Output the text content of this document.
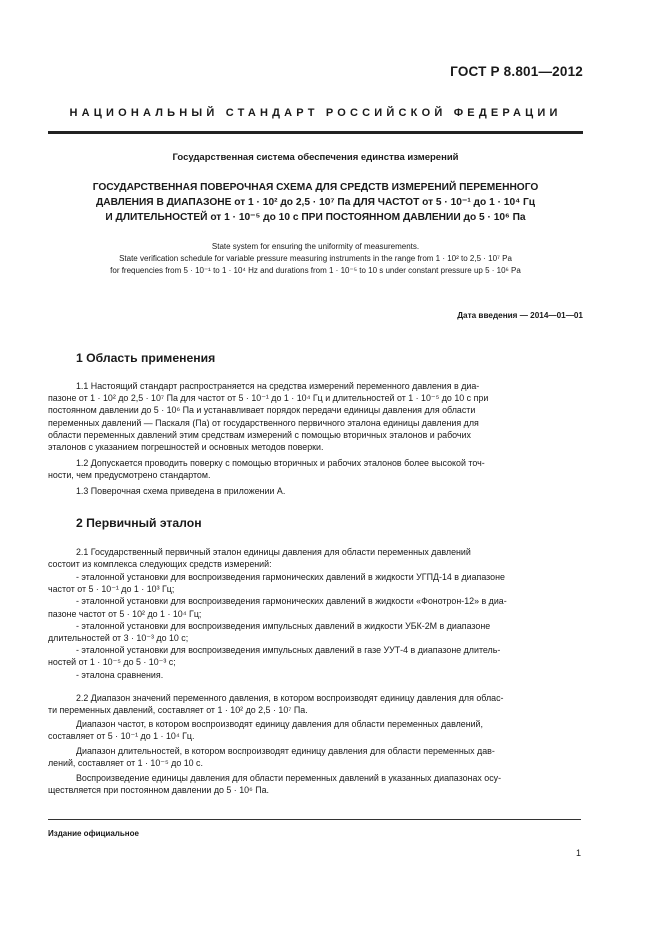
ГОСТ Р 8.801—2012
НАЦИОНАЛЬНЫЙ СТАНДАРТ РОССИЙСКОЙ ФЕДЕРАЦИИ
Государственная система обеспечения единства измерений
ГОСУДАРСТВЕННАЯ ПОВЕРОЧНАЯ СХЕМА ДЛЯ СРЕДСТВ ИЗМЕРЕНИЙ ПЕРЕМЕННОГО
ДАВЛЕНИЯ В ДИАПАЗОНЕ от 1 · 10² до 2,5 · 10⁷ Па ДЛЯ ЧАСТОТ от 5 · 10⁻¹ до 1 · 10⁴ Гц
И ДЛИТЕЛЬНОСТЕЙ от 1 · 10⁻⁵ до 10 с ПРИ ПОСТОЯННОМ ДАВЛЕНИИ до 5 · 10⁶ Па
State system for ensuring the uniformity of measurements.
State verification schedule for variable pressure measuring instruments in the range from 1 · 10² to 2,5 · 10⁷ Pa
for frequencies from 5 · 10⁻¹ to 1 · 10⁴ Hz and durations from 1 · 10⁻⁵ to 10 s under constant pressure up 5 · 10⁶ Pa
Дата введения — 2014—01—01
1 Область применения
1.1 Настоящий стандарт распространяется на средства измерений переменного давления в диа-
пазоне от 1 · 10² до 2,5 · 10⁷ Па для частот от 5 · 10⁻¹ до 1 · 10⁴ Гц и длительностей от 1 · 10⁻⁵ до 10 с при
постоянном давлении до 5 · 10⁶ Па и устанавливает порядок передачи единицы давления для области
переменных давлений — Паскаля (Па) от государственного первичного эталона единицы давления для
области переменных давлений этим средствам измерений с помощью вторичных эталонов и рабочих
эталонов с указанием погрешностей и основных методов поверки.
1.2 Допускается проводить поверку с помощью вторичных и рабочих эталонов более высокой точ-
ности, чем предусмотрено стандартом.
1.3 Поверочная схема приведена в приложении А.
2 Первичный эталон
2.1 Государственный первичный эталон единицы давления для области переменных давлений
состоит из комплекса следующих средств измерений:
- эталонной установки для воспроизведения гармонических давлений в жидкости УГПД-14 в диапазоне
частот от 5 · 10⁻¹ до 1 · 10³ Гц;
- эталонной установки для воспроизведения гармонических давлений в жидкости «Фонотрон-12» в диа-
пазоне частот от 5 · 10² до 1 · 10⁴ Гц;
- эталонной установки для воспроизведения импульсных давлений в жидкости УБК-2М в диапазоне
длительностей от 3 · 10⁻³ до 10 с;
- эталонной установки для воспроизведения импульсных давлений в газе УУТ-4 в диапазоне длитель-
ностей от 1 · 10⁻⁵ до 5 · 10⁻³ с;
- эталона сравнения.
2.2 Диапазон значений переменного давления, в котором воспроизводят единицу давления для облас-
ти переменных давлений, составляет от 1 · 10² до 2,5 · 10⁷ Па.
Диапазон частот, в котором воспроизводят единицу давления для области переменных давлений,
составляет от 5 · 10⁻¹ до 1 · 10⁴ Гц.
Диапазон длительностей, в котором воспроизводят единицу давления для области переменных дав-
лений, составляет от 1 · 10⁻⁵ до 10 с.
Воспроизведение единицы давления для области переменных давлений в указанных диапазонах осу-
ществляется при постоянном давлении до 5 · 10⁶ Па.
Издание официальное
1
